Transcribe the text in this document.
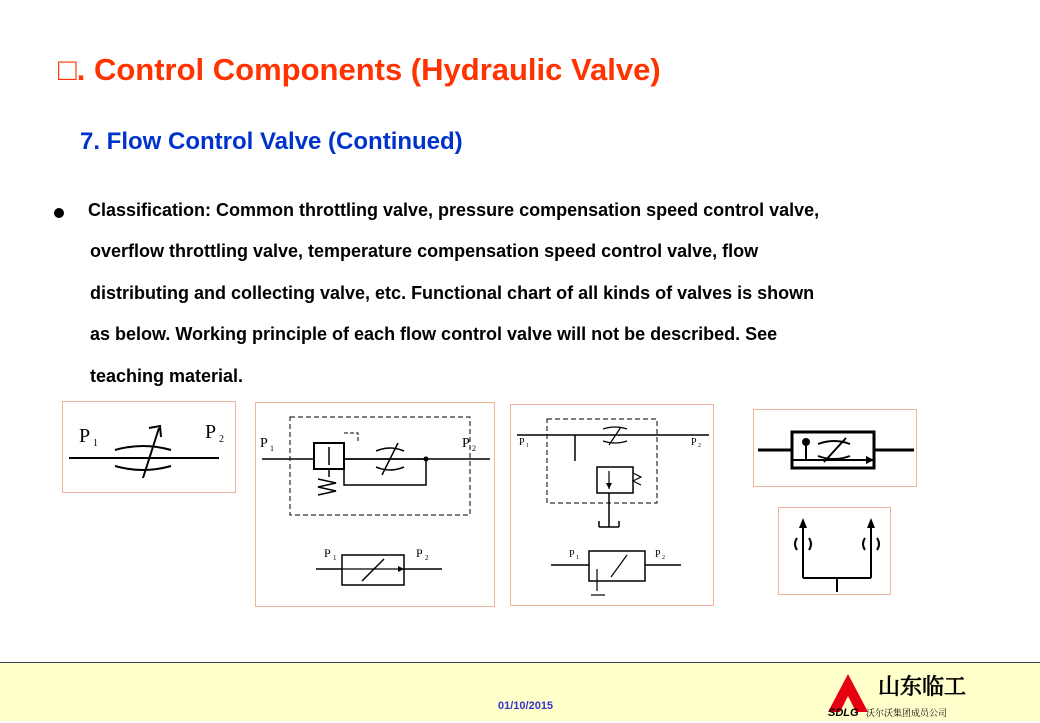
□. Control Components (Hydraulic Valve)
7. Flow Control Valve (Continued)
Classification: Common throttling valve, pressure compensation speed control valve,
overflow throttling valve, temperature compensation speed control valve, flow
distributing and collecting valve, etc. Functional chart of all kinds of valves is shown
as below. Working principle of each flow control valve will not be described. See
teaching material.
P 1
P 2	P 1	P 2
P 1	P 2
P 1	P 2
P 1	P 2
01/10/2015
山东临工
SDLG 沃尔沃集团成员公司
